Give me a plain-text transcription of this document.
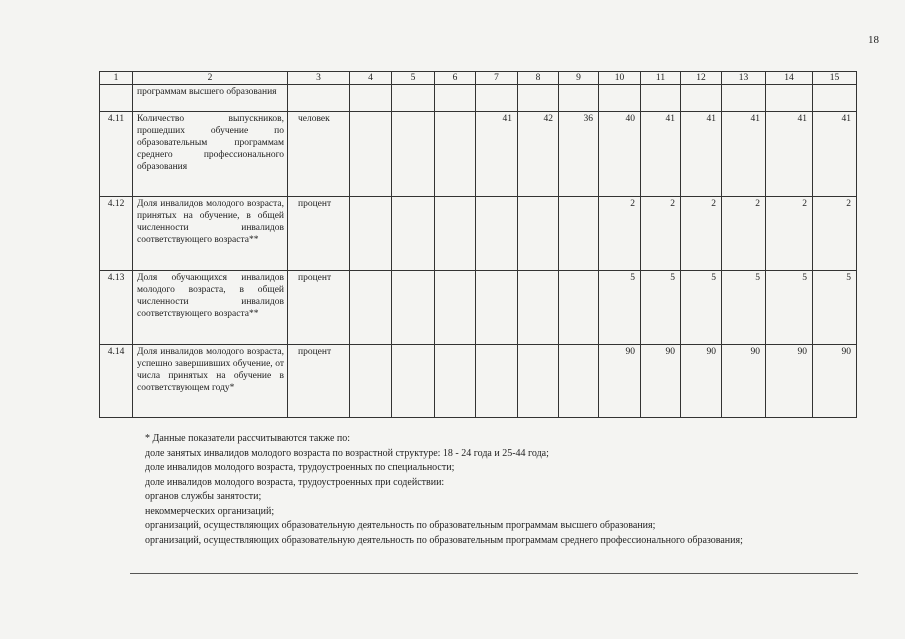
18
1	2	3	4	5	6	7	8	9	10	11	12	13	14	15
	программам высшего образования													
4.11	Количество выпускников, прошедших обучение по образовательным программам среднего профессионального образования	человек				41	42	36	40	41	41	41	41	41
4.12	Доля инвалидов молодого возраста, принятых на обучение, в общей численности инвалидов соответствующего возраста**	процент							2	2	2	2	2	2
4.13	Доля обучающихся инвалидов молодого возраста, в общей численности инвалидов соответствующего возраста**	процент							5	5	5	5	5	5
4.14	Доля инвалидов молодого возраста, успешно завершивших обучение, от числа принятых на обучение в соответствующем году*	процент							90	90	90	90	90	90

* Данные показатели рассчитываются также по:

доле занятых инвалидов молодого возраста по возрастной структуре: 18 - 24 года и 25-44 года;

доле инвалидов молодого возраста, трудоустроенных по специальности;

доле инвалидов молодого возраста, трудоустроенных при содействии:

органов службы занятости;

некоммерческих организаций;

организаций, осуществляющих образовательную деятельность по образовательным программам высшего образования;

организаций, осуществляющих образовательную деятельность по образовательным программам среднего профессионального образования;
